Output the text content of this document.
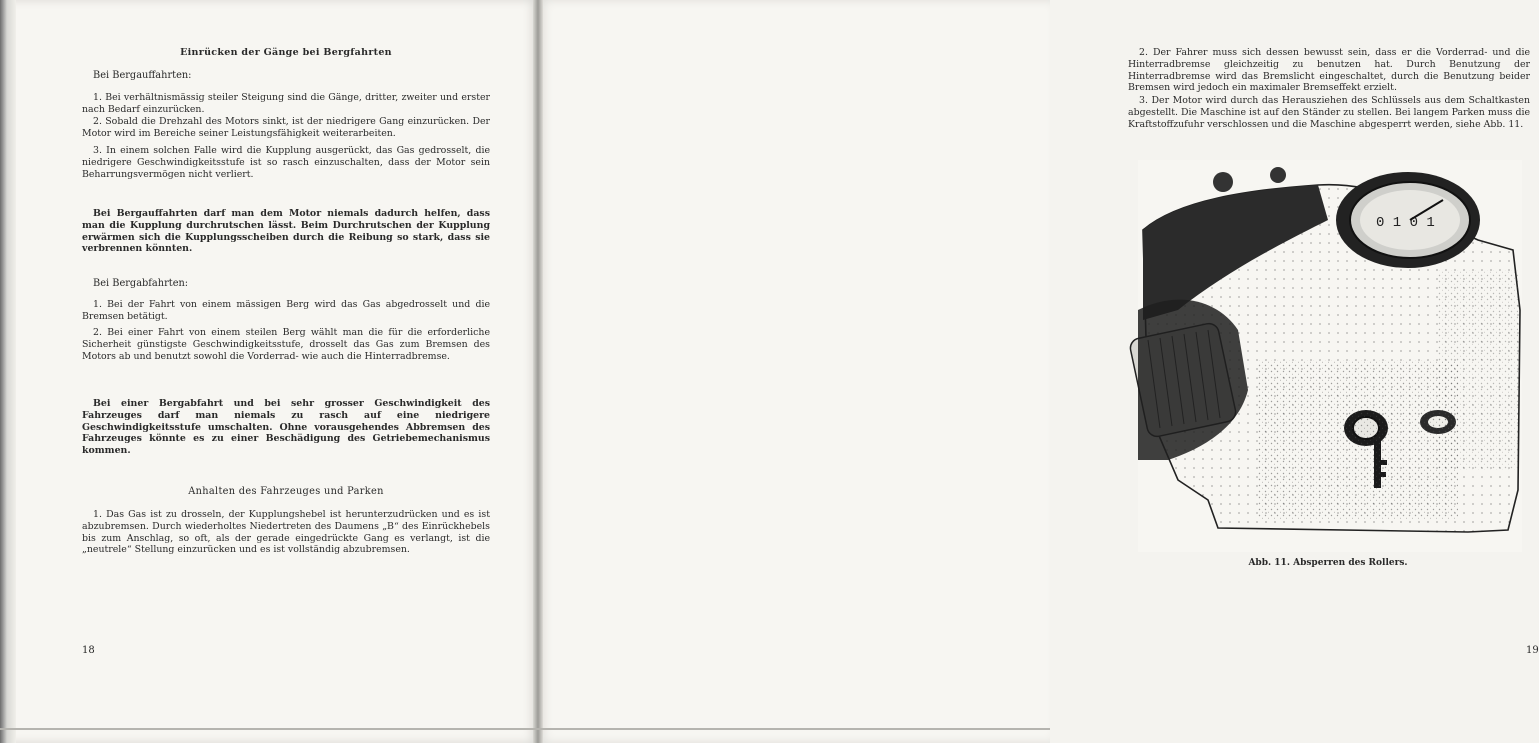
Einrücken der Gänge bei Bergfahrten

Bei Bergauffahrten:

1. Bei verhältnismässig steiler Steigung sind die Gänge, dritter, zweiter und erster nach Bedarf einzurücken.

2. Sobald die Drehzahl des Motors sinkt, ist der niedrigere Gang einzurücken. Der Motor wird im Bereiche seiner Leistungsfähigkeit weiterarbeiten.

3. In einem solchen Falle wird die Kupplung ausgerückt, das Gas gedrosselt, die niedrigere Geschwindigkeitsstufe ist so rasch einzuschalten, dass der Motor sein Beharrungsvermögen nicht verliert.

Bei Bergauffahrten darf man dem Motor niemals dadurch helfen, dass man die Kupplung durchrutschen lässt. Beim Durchrutschen der Kupplung erwärmen sich die Kupplungsscheiben durch die Reibung so stark, dass sie verbrennen könnten.

Bei Bergabfahrten:

1. Bei der Fahrt von einem mässigen Berg wird das Gas abgedrosselt und die Bremsen betätigt.

2. Bei einer Fahrt von einem steilen Berg wählt man die für die erforderliche Sicherheit günstigste Geschwindigkeitsstufe, drosselt das Gas zum Bremsen des Motors ab und benutzt sowohl die Vorderrad- wie auch die Hinterradbremse.

Bei einer Bergabfahrt und bei sehr grosser Geschwindigkeit des Fahrzeuges darf man niemals zu rasch auf eine niedrigere Geschwindigkeitsstufe umschalten. Ohne vorausgehendes Abbremsen des Fahrzeuges könnte es zu einer Beschädigung des Getriebemechanismus kommen.

Anhalten des Fahrzeuges und Parken

1. Das Gas ist zu drosseln, der Kupplungshebel ist herunterzudrücken und es ist abzubremsen. Durch wiederholtes Niedertreten des Daumens „B“ des Einrückhebels bis zum Anschlag, so oft, als der gerade eingedrückte Gang es verlangt, ist die „neutrele“ Stellung einzurücken und es ist vollständig abzubremsen.

18

2. Der Fahrer muss sich dessen bewusst sein, dass er die Vorderrad- und die Hinterradbremse gleichzeitig zu benutzen hat. Durch Benutzung der Hinterradbremse wird das Bremslicht eingeschaltet, durch die Benutzung beider Bremsen wird jedoch ein maximaler Bremseffekt erzielt.

3. Der Motor wird durch das Herausziehen des Schlüssels aus dem Schaltkasten abgestellt. Die Maschine ist auf den Ständer zu stellen. Bei langem Parken muss die Kraftstoffzufuhr verschlossen und die Maschine abgesperrt werden, siehe Abb. 11.

0 1 0 1

Abb. 11. Absperren des Rollers.

19
